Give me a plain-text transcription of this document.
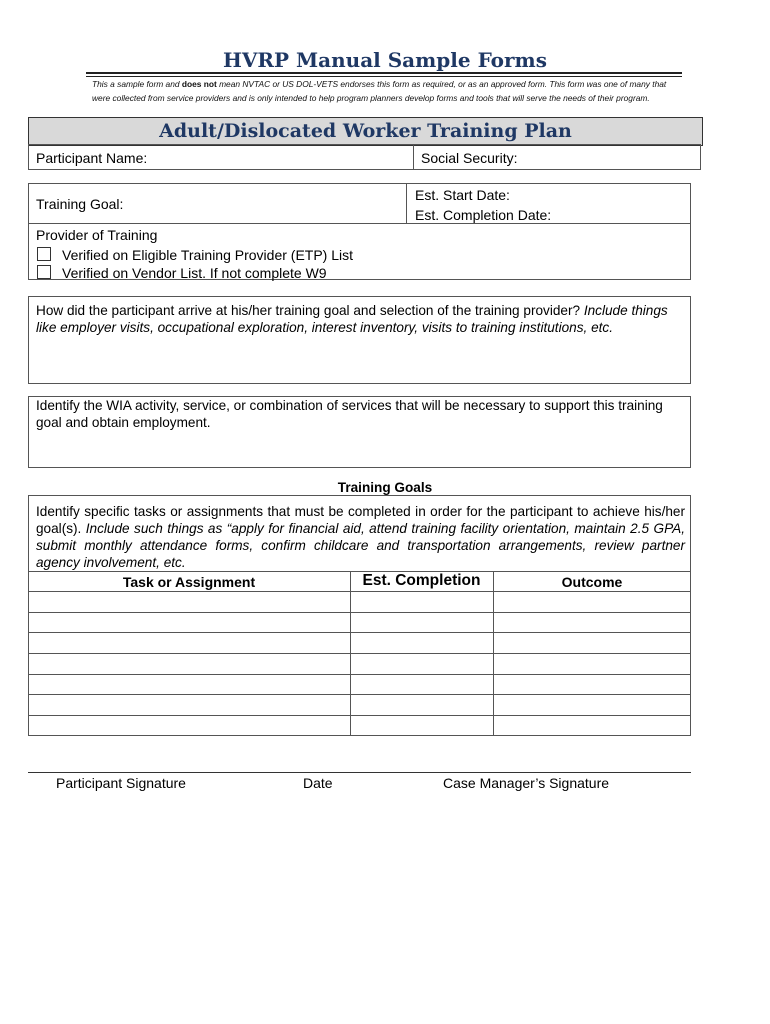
HVRP Manual Sample Forms
This a sample form and does not mean NVTAC or US DOL-VETS endorses this form as required, or as an approved form. This form was one of many that were collected from service providers and is only intended to help program planners develop forms and tools that will serve the needs of their program.
Adult/Dislocated Worker Training Plan
Participant Name:	Social Security:
Training Goal:
Est. Start Date:
Est. Completion Date:
Provider of Training
Verified on Eligible Training Provider (ETP) List
Verified on Vendor List. If not complete W9
How did the participant arrive at his/her training goal and selection of the training provider? Include things like employer visits, occupational exploration, interest inventory, visits to training institutions, etc.
Identify the WIA activity, service, or combination of services that will be necessary to support this training goal and obtain employment.
Training Goals
Identify specific tasks or assignments that must be completed in order for the participant to achieve his/her goal(s). Include such things as “apply for financial aid, attend training facility orientation, maintain 2.5 GPA, submit monthly attendance forms, confirm childcare and transportation arrangements, review partner agency involvement, etc.
Task or Assignment	Est. Completion	Outcome
Participant Signature	Date	Case Manager’s Signature
